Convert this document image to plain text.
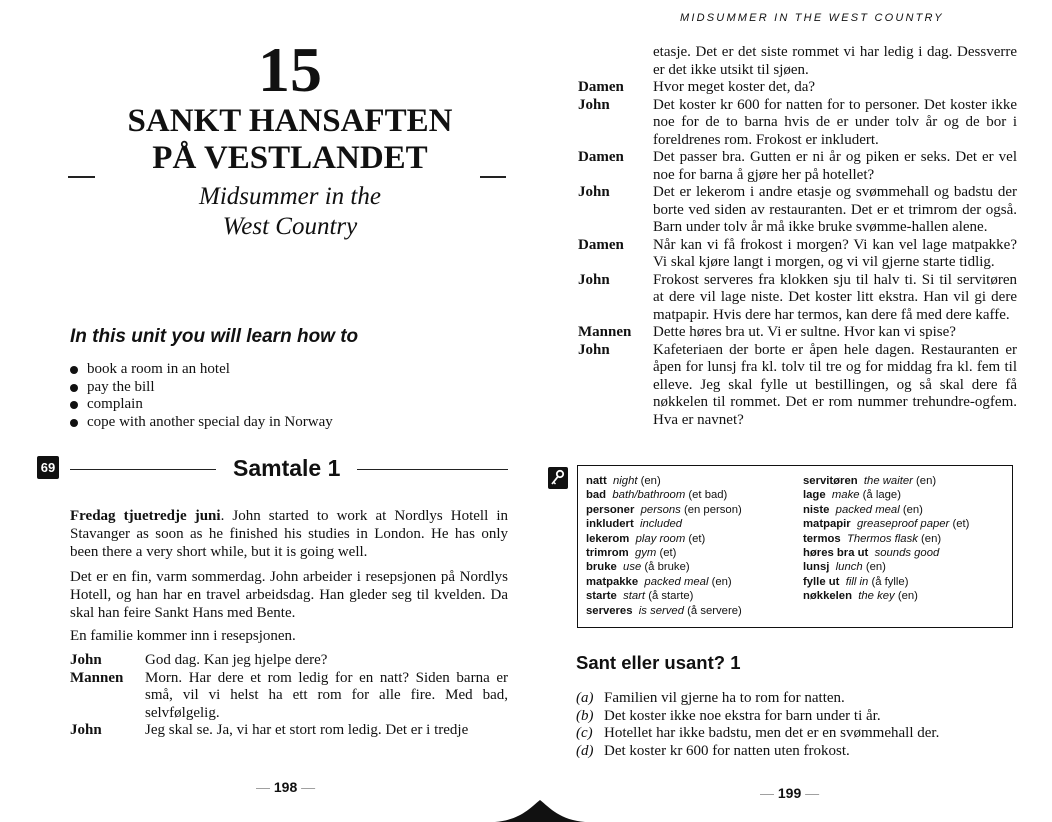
15
SANKT HANSAFTEN
PÅ VESTLANDET
Midsummer in the
West Country
In this unit you will learn how to
book a room in an hotel
pay the bill
complain
cope with another special day in Norway
69	Samtale 1

Fredag tjuetredje juni. John started to work at Nordlys Hotell in Stavanger as soon as he finished his studies in London. He has only been there a very short while, but it is going well.

Det er en fin, varm sommerdag. John arbeider i resepsjonen på Nordlys Hotell, og han har en travel arbeidsdag. Han gleder seg til kvelden. Da skal han feire Sankt Hans med Bente.

En familie kommer inn i resepsjonen.

John	God dag. Kan jeg hjelpe dere?
Mannen	Morn. Har dere et rom ledig for en natt? Siden barna er små, vil vi helst ha ett rom for alle fire. Med bad, selvfølgelig.
John	Jeg skal se. Ja, vi har et stort rom ledig. Det er i tredje
— 198 —
MIDSUMMER IN THE WEST COUNTRY
etasje. Det er det siste rommet vi har ledig i dag. Dessverre er det ikke utsikt til sjøen.
Damen	Hvor meget koster det, da?
John	Det koster kr 600 for natten for to personer. Det koster ikke noe for de to barna hvis de er under tolv år og de bor i foreldrenes rom. Frokost er inkludert.
Damen	Det passer bra. Gutten er ni år og piken er seks. Det er vel noe for barna å gjøre her på hotellet?
John	Det er lekerom i andre etasje og svømmehall og badstu der borte ved siden av restauranten. Det er et trimrom der også. Barn under tolv år må ikke bruke svømme-hallen alene.
Damen	Når kan vi få frokost i morgen? Vi kan vel lage matpakke? Vi skal kjøre langt i morgen, og vi vil gjerne starte tidlig.
John	Frokost serveres fra klokken sju til halv ti. Si til servitøren at dere vil lage niste. Det koster litt ekstra. Han vil gi dere matpapir. Hvis dere har termos, kan dere få med dere kaffe.
Mannen	Dette høres bra ut. Vi er sultne. Hvor kan vi spise?
John	Kafeteriaen der borte er åpen hele dagen. Restauranten er åpen for lunsj fra kl. tolv til tre og for middag fra kl. fem til elleve. Jeg skal fylle ut bestillingen, og så skal dere få nøkkelen til rommet. Det er rom nummer trehundre-ogfem. Hva er navnet?
natt night (en)
bad bath/bathroom (et bad)
personer persons (en person)
inkludert included
lekerom play room (et)
trimrom gym (et)
bruke use (å bruke)
matpakke packed meal (en)
starte start (å starte)
serveres is served (å servere)
servitøren the waiter (en)
lage make (å lage)
niste packed meal (en)
matpapir greaseproof paper (et)
termos Thermos flask (en)
høres bra ut sounds good
lunsj lunch (en)
fylle ut fill in (å fylle)
nøkkelen the key (en)
Sant eller usant? 1
(a) Familien vil gjerne ha to rom for natten.
(b) Det koster ikke noe ekstra for barn under ti år.
(c) Hotellet har ikke badstu, men det er en svømmehall der.
(d) Det koster kr 600 for natten uten frokost.
— 199 —
